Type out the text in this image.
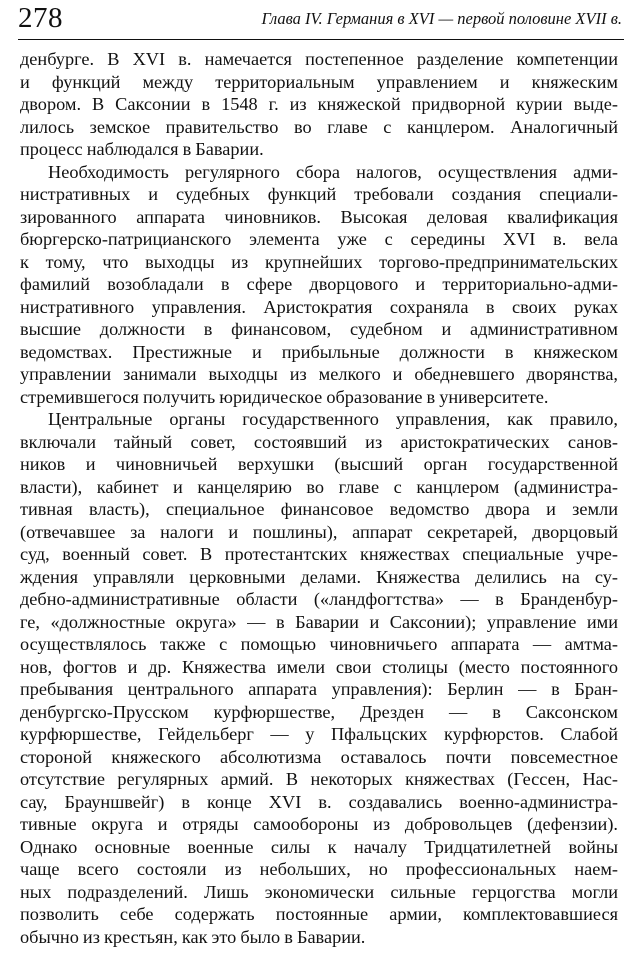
278	Глава IV. Германия в XVI — первой половине XVII в.

денбурге. В XVI в. намечается постепенное разделение компетенции
и функций между территориальным управлением и княжеским
двором. В Саксонии в 1548 г. из княжеской придворной курии выде-
лилось земское правительство во главе с канцлером. Аналогичный
процесс наблюдался в Баварии.

Необходимость регулярного сбора налогов, осуществления адми-
нистративных и судебных функций требовали создания специали-
зированного аппарата чиновников. Высокая деловая квалификация
бюргерско-патрицианского элемента уже с середины XVI в. вела
к тому, что выходцы из крупнейших торгово-предпринимательских
фамилий возобладали в сфере дворцового и территориально-адми-
нистративного управления. Аристократия сохраняла в своих руках
высшие должности в финансовом, судебном и административном
ведомствах. Престижные и прибыльные должности в княжеском
управлении занимали выходцы из мелкого и обедневшего дворянства,
стремившегося получить юридическое образование в университете.

Центральные органы государственного управления, как правило,
включали тайный совет, состоявший из аристократических санов-
ников и чиновничьей верхушки (высший орган государственной
власти), кабинет и канцелярию во главе с канцлером (администра-
тивная власть), специальное финансовое ведомство двора и земли
(отвечавшее за налоги и пошлины), аппарат секретарей, дворцовый
суд, военный совет. В протестантских княжествах специальные учре-
ждения управляли церковными делами. Княжества делились на су-
дебно-административные области («ландфогтства» — в Бранденбур-
ге, «должностные округа» — в Баварии и Саксонии); управление ими
осуществлялось также с помощью чиновничьего аппарата — амтма-
нов, фогтов и др. Княжества имели свои столицы (место постоянного
пребывания центрального аппарата управления): Берлин — в Бран-
денбургско-Прусском курфюршестве, Дрезден — в Саксонском
курфюршестве, Гейдельберг — у Пфальцских курфюрстов. Слабой
стороной княжеского абсолютизма оставалось почти повсеместное
отсутствие регулярных армий. В некоторых княжествах (Гессен, Нас-
сау, Брауншвейг) в конце XVI в. создавались военно-администра-
тивные округа и отряды самообороны из добровольцев (дефензии).
Однако основные военные силы к началу Тридцатилетней войны
чаще всего состояли из небольших, но профессиональных наем-
ных подразделений. Лишь экономически сильные герцогства могли
позволить себе содержать постоянные армии, комплектовавшиеся
обычно из крестьян, как это было в Баварии.
